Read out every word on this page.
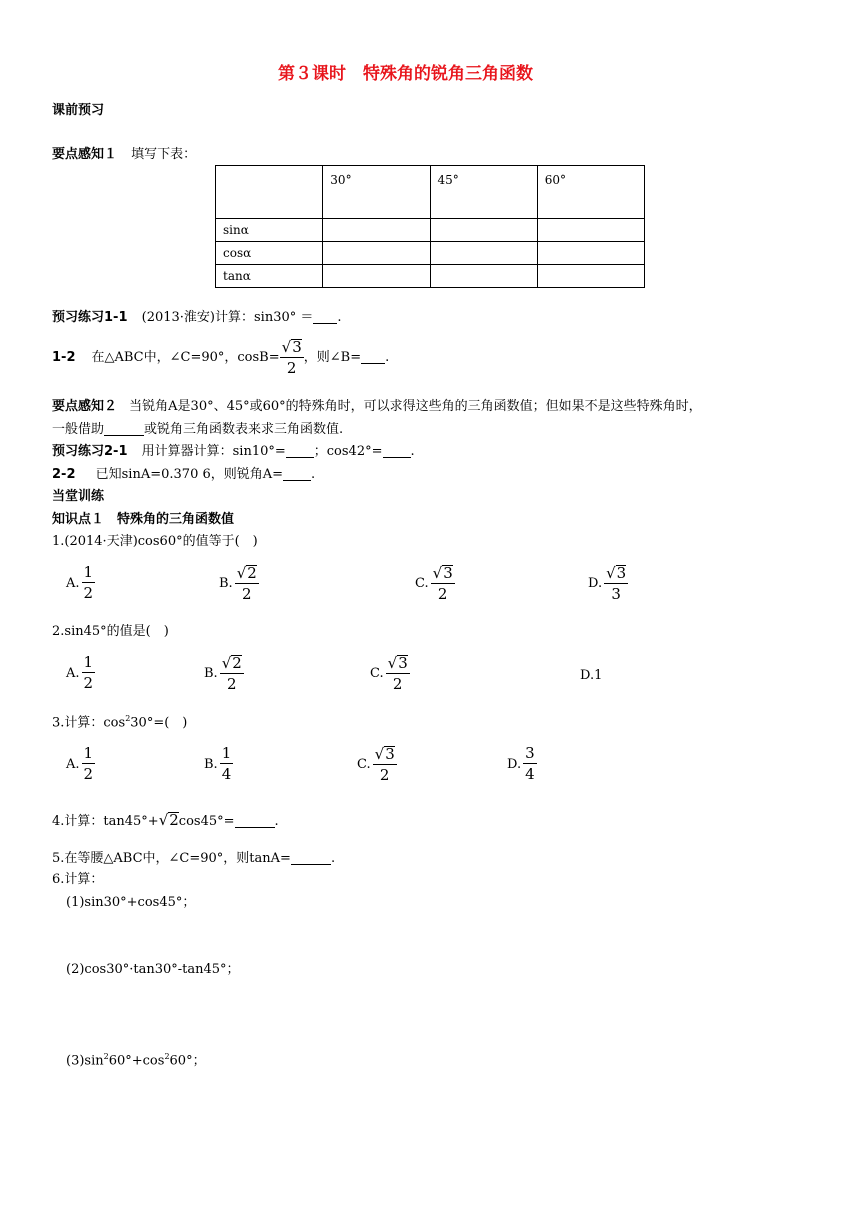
第３课时　特殊角的锐角三角函数
课前预习
要点感知１ 填写下表：
	30°	45°	60°
sinα			
cosα			
tanα			
预习练习1-1 (2013·淮安)计算：sin30° ＝ .
1-2 在△ABC中，∠C=90°，$\cos B= \frac{√3}{2}$ ，则∠B= .
要点感知２ 当锐角A是30°、45°或60°的特殊角时，可以求得这些角的三角函数值；但如果不是这些特殊角时，
一般借助	或锐角三角函数表来求三角函数值.
预习练习2-1 用计算器计算：sin10°= ；cos42°= .
2-2 已知sinA=0.370 6，则锐角A= .
当堂训练
知识点１　特殊角的三角函数值
1.(2014·天津)cos60°的值等于(　)
A. $\frac{1}{2}$	B. $\frac{√2}{2}$	C. $\frac{√3}{2}$	D. $\frac{√3}{3}$
2.sin45°的值是(　)
A. $\frac{1}{2}$	B. $\frac{√2}{2}$	C. $\frac{√3}{2}$	D.1
3.计算：$\cos^230^\circ=$(　)
A. $\frac{1}{2}$	B. $\frac{1}{4}$	C. $\frac{√3}{2}$	D. $\frac{3}{4}$
4.计算：tan45°+√2cos45°=	.
5.在等腰△ABC中，∠C=90°，则tanA=	.
6.计算：
(1)sin30°+cos45°；
(2)cos30°·tan30°-tan45°；
$(3)\sin^260^\circ+\cos^260^\circ$；
